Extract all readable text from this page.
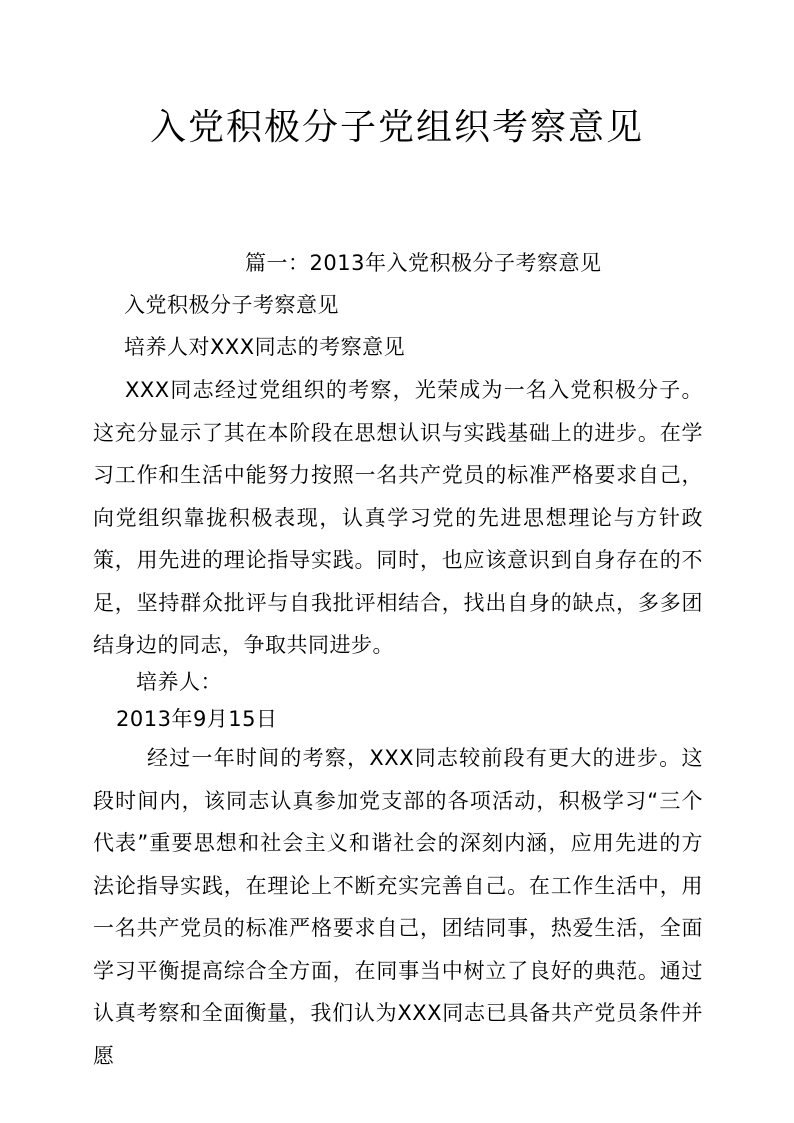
入党积极分子党组织考察意见
篇一：2013年入党积极分子考察意见
入党积极分子考察意见
培养人对XXX同志的考察意见

XXX同志经过党组织的考察，光荣成为一名入党积极分子。这充分显示了其在本阶段在思想认识与实践基础上的进步。在学习工作和生活中能努力按照一名共产党员的标准严格要求自己，向党组织靠拢积极表现，认真学习党的先进思想理论与方针政策，用先进的理论指导实践。同时，也应该意识到自身存在的不足，坚持群众批评与自我批评相结合，找出自身的缺点，多多团结身边的同志，争取共同进步。

培养人：
2013年9月15日

经过一年时间的考察，XXX同志较前段有更大的进步。这段时间内，该同志认真参加党支部的各项活动，积极学习“三个代表”重要思想和社会主义和谐社会的深刻内涵，应用先进的方法论指导实践，在理论上不断充实完善自己。在工作生活中，用一名共产党员的标准严格要求自己，团结同事，热爱生活，全面学习平衡提高综合全方面，在同事当中树立了良好的典范。通过认真考察和全面衡量，我们认为XXX同志已具备共产党员条件并愿
